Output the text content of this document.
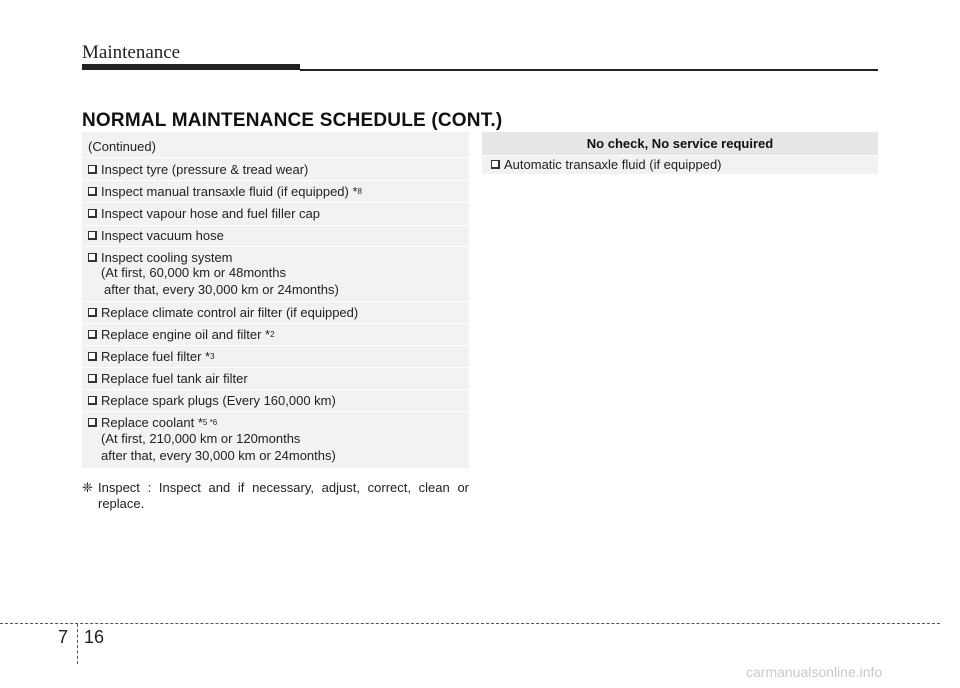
Maintenance
NORMAL MAINTENANCE SCHEDULE (CONT.)
(Continued)
Inspect tyre (pressure & tread wear)
Inspect manual transaxle fluid (if equipped) * 8
Inspect vapour hose and fuel filler cap
Inspect vacuum hose
Inspect cooling system
(At first, 60,000 km or 48months
after that, every 30,000 km or 24months)
Replace climate control air filter (if equipped)
Replace engine oil and filter * 2
Replace fuel filter * 3
Replace fuel tank air filter
Replace spark plugs (Every 160,000 km)
Replace coolant * 5 *6
(At first, 210,000 km or 120months
after that, every 30,000 km or 24months)
❈ Inspect : Inspect and if necessary, adjust, correct, clean or
replace.
No check, No service required
Automatic transaxle fluid (if equipped)
7 16
carmanualsonline.info
